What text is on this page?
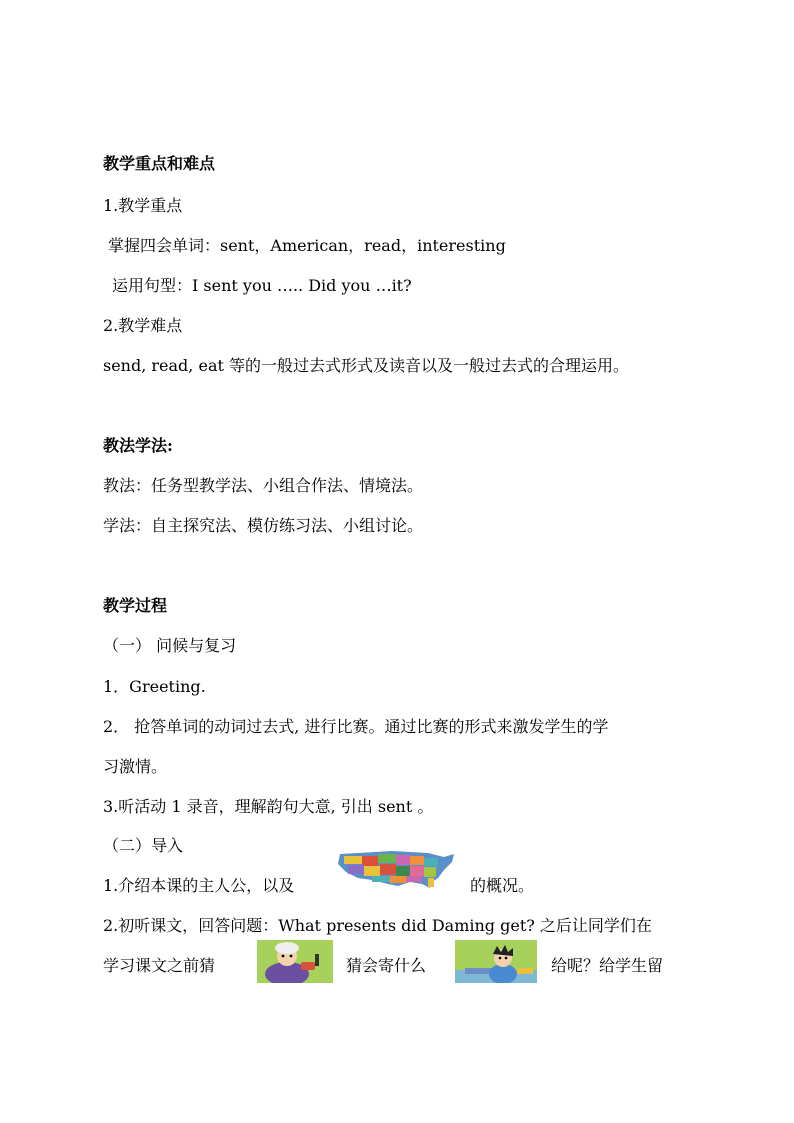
教学重点和难点
1.教学重点
掌握四会单词：sent，American，read，interesting
运用句型：I sent you ….. Did you …it?
2.教学难点
send, read, eat 等的一般过去式形式及读音以及一般过去式的合理运用。
教法学法:
教法：任务型教学法、小组合作法、情境法。
学法：自主探究法、模仿练习法、小组讨论。
教学过程
（一） 问候与复习
1．Greeting.
2． 抢答单词的动词过去式, 进行比赛。通过比赛的形式来激发学生的学
习激情。
3.听活动 1 录音，理解韵句大意, 引出 sent 。
（二）导入
1.介绍本课的主人公，以及	的概况。
2.初听课文，回答问题：What presents did Daming get? 之后让同学们在
学习课文之前猜	猜会寄什么	给呢？给学生留
